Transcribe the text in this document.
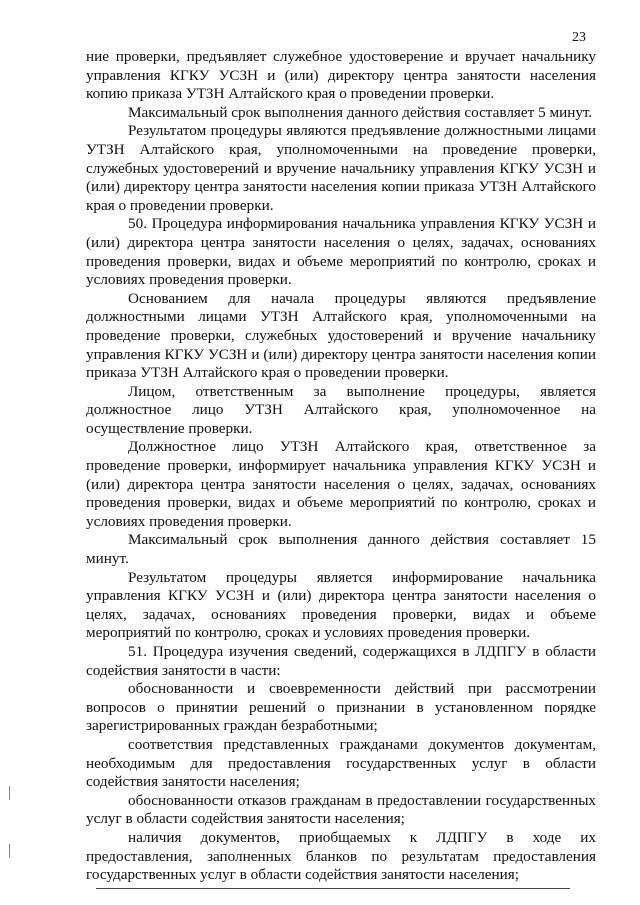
23

ние проверки, предъявляет служебное удостоверение и вручает начальнику управления КГКУ УСЗН и (или) директору центра занятости населения копию приказа УТЗН Алтайского края о проведении проверки.

Максимальный срок выполнения данного действия составляет 5 минут.

Результатом процедуры являются предъявление должностными лицами УТЗН Алтайского края, уполномоченными на проведение проверки, служебных удостоверений и вручение начальнику управления КГКУ УСЗН и (или) директору центра занятости населения копии приказа УТЗН Алтайского края о проведении проверки.

50. Процедура информирования начальника управления КГКУ УСЗН и (или) директора центра занятости населения о целях, задачах, основаниях проведения проверки, видах и объеме мероприятий по контролю, сроках и условиях проведения проверки.

Основанием для начала процедуры являются предъявление должностными лицами УТЗН Алтайского края, уполномоченными на проведение проверки, служебных удостоверений и вручение начальнику управления КГКУ УСЗН и (или) директору центра занятости населения копии приказа УТЗН Алтайского края о проведении проверки.

Лицом, ответственным за выполнение процедуры, является должностное лицо УТЗН Алтайского края, уполномоченное на осуществление проверки.

Должностное лицо УТЗН Алтайского края, ответственное за проведение проверки, информирует начальника управления КГКУ УСЗН и (или) директора центра занятости населения о целях, задачах, основаниях проведения проверки, видах и объеме мероприятий по контролю, сроках и условиях проведения проверки.

Максимальный срок выполнения данного действия составляет 15 минут.

Результатом процедуры является информирование начальника управления КГКУ УСЗН и (или) директора центра занятости населения о целях, задачах, основаниях проведения проверки, видах и объеме мероприятий по контролю, сроках и условиях проведения проверки.

51. Процедура изучения сведений, содержащихся в ЛДПГУ в области содействия занятости в части:

обоснованности и своевременности действий при рассмотрении вопросов о принятии решений о признании в установленном порядке зарегистрированных граждан безработными;

соответствия представленных гражданами документов документам, необходимым для предоставления государственных услуг в области содействия занятости населения;

обоснованности отказов гражданам в предоставлении государственных услуг в области содействия занятости населения;

наличия документов, приобщаемых к ЛДПГУ в ходе их предоставления, заполненных бланков по результатам предоставления государственных услуг в области содействия занятости населения;
